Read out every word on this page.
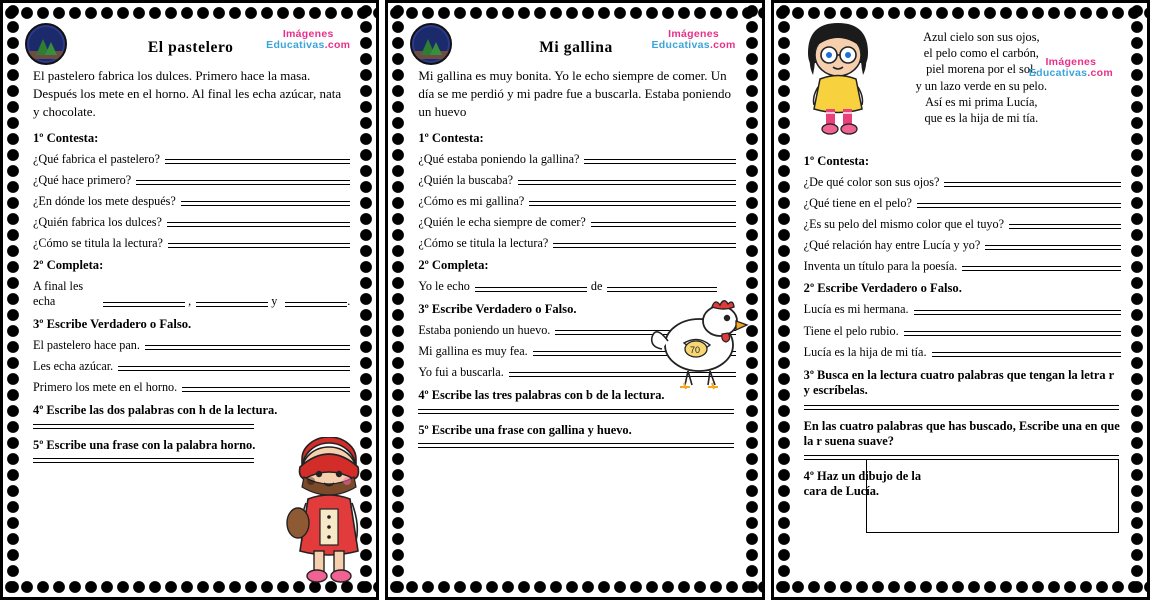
Imágenes
Educativas.com
El pastelero

El pastelero fabrica los dulces. Primero hace la masa. Después los mete en el horno. Al final les echa azúcar, nata y chocolate.

1º Contesta:
¿Qué fabrica el pastelero?
¿Qué hace primero?
¿En dónde los mete después?
¿Quién fabrica los dulces?
¿Cómo se titula la lectura?
2º Completa:
A final les echa	,	y	.
3º Escribe Verdadero o Falso.
El pastelero hace pan.
Les echa azúcar.
Primero los mete en el horno.
4º Escribe las dos palabras con h de la lectura.
5º Escribe una frase con la palabra horno.
Imágenes
Educativas.com
Mi gallina

Mi gallina es muy bonita. Yo le echo siempre de comer. Un día se me perdió y mi padre fue a buscarla. Estaba poniendo un huevo

1º Contesta:
¿Qué estaba poniendo la gallina?
¿Quién la buscaba?
¿Cómo es mi gallina?
¿Quién le echa siempre de comer?
¿Cómo se titula la lectura?
2º Completa:
Yo le echo	de
3º Escribe Verdadero o Falso.
Estaba poniendo un huevo.
Mi gallina es muy fea.
Yo fui a buscarla.
4º Escribe las tres palabras con b de la lectura.
5º Escribe una frase con gallina y huevo.
70
Imágenes
Educativas.com
Azul cielo son sus ojos,
el pelo como el carbón,
piel morena por el sol,
y un lazo verde en su pelo.
Así es mi prima Lucía,
que es la hija de mi tía.
1º Contesta:
¿De qué color son sus ojos?
¿Qué tiene en el pelo?
¿Es su pelo del mismo color que el tuyo?
¿Qué relación hay entre Lucía y yo?
Inventa un título para la poesía.
2º Escribe Verdadero o Falso.
Lucía es mi hermana.
Tiene el pelo rubio.
Lucía es la hija de mi tía.
3º Busca en la lectura cuatro palabras que tengan la letra r y escríbelas.
En las cuatro palabras que has buscado, Escribe una en que la r suena suave?
4º Haz un dibujo de la cara de Lucía.
